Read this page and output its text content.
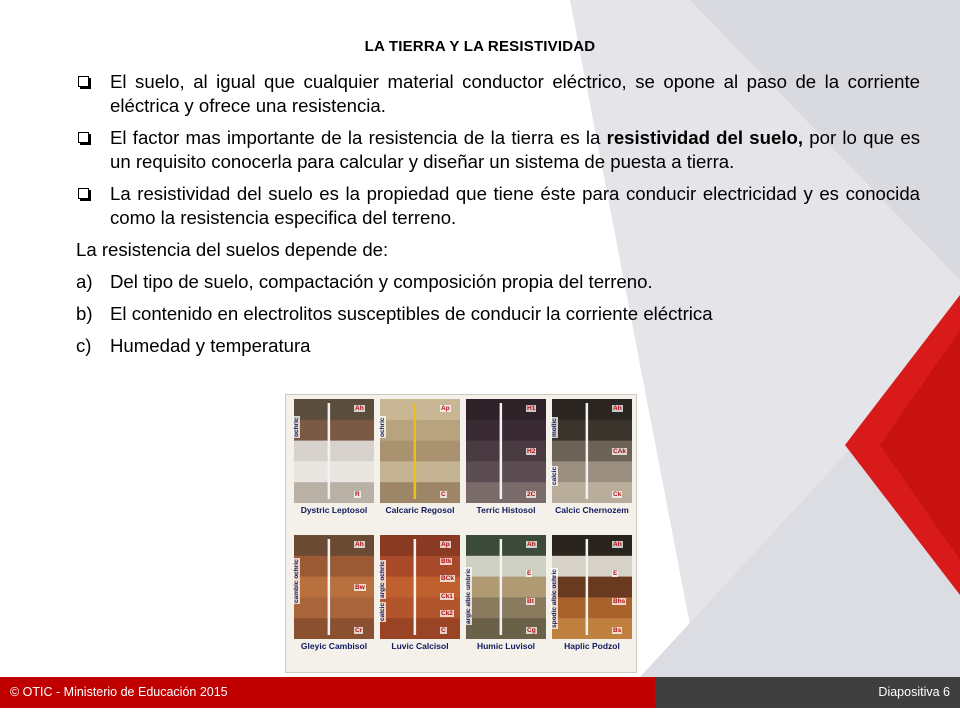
LA TIERRA Y LA RESISTIVIDAD
El suelo, al igual que cualquier material conductor eléctrico, se opone al paso de la corriente eléctrica y ofrece una resistencia.
El factor mas importante de la resistencia de la tierra es la resistividad del suelo, por lo que es un requisito conocerla para calcular y diseñar un sistema de puesta a tierra.
La resistividad del suelo es la propiedad que tiene éste para conducir electricidad y es conocida como la resistencia especifica del terreno.
La resistencia del suelos depende de:
a) Del tipo de suelo, compactación y composición propia del terreno.
b) El contenido en electrolitos susceptibles de conducir la corriente eléctrica
c) Humedad y temperatura
Ah
R
ochric
Dystric Leptosol
Ap
C
ochric
Calcaric Regosol
H1
H2
2C
Terric Histosol
Ah
CAk
Ck
mollic
calcic
Calcic Chernozem
Ah
Bw
Cr
cambic ochric
Gleyic Cambisol
Ap
Btk
BCk
Ck1
Ck2
C
argic ochric
calcic
Luvic Calcisol
Ah
E
Bt
Cg
argic albic umbric
Humic Luvisol
Ah
E
Bhs
Bs
spodic albic ochric
Haplic Podzol
© OTIC - Ministerio de Educación 2015	Diapositiva 6
